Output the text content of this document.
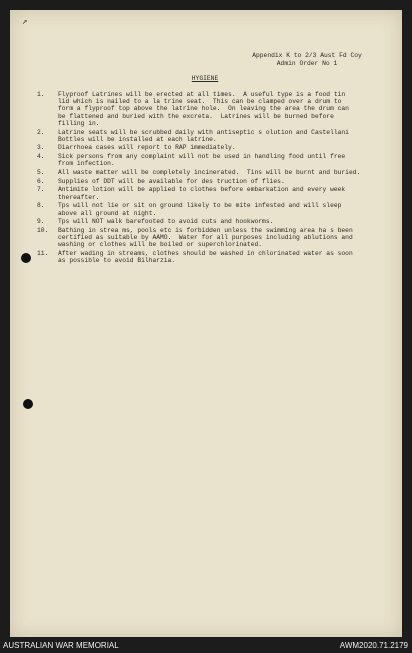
↗
Appendix K to 2/3 Aust Fd Coy
Admin Order No 1
HYGIENE
1.	Flyproof Latrines will be erected at all times.  A useful type is a food tin
lid which is nailed to a la trine seat.  This can be clamped over a drum to
form a flyproof top above the latrine hole.  On leaving the area the drum can
be flattened and buried with the excreta.  Latrines will be burned before
filling in.
2.	Latrine seats will be scrubbed daily with antiseptic s olution and Castellani
Bottles will be installed at each latrine.
3.	Diarrhoea cases will report to RAP immediately.
4.	Sick persons from any complaint will not be used in handling food until free
from infection.
5.	All waste matter will be completely incinerated.  Tins will be burnt and buried.
6.	Supplies of DDT will be available for des truction of flies.
7.	Antimite lotion will be applied to clothes before embarkation and every week
thereafter.
8.	Tps will not lie or sit on ground likely to be mite infested and will sleep
above all ground at night.
9.	Tps will NOT walk barefooted to avoid cuts and hookworms.
10.	Bathing in strea ms, pools etc is forbidden unless the swimming area ha s been
certified as suitable by AAMO.  Water for all purposes including ablutions and
washing or clothes will be boiled or superchlorinated.
11.	After wading in streams, clothes should be washed in chlorinated water as soon
as possible to avoid Bilharzia.
AUSTRALIAN WAR MEMORIAL	AWM2020.71.2179
